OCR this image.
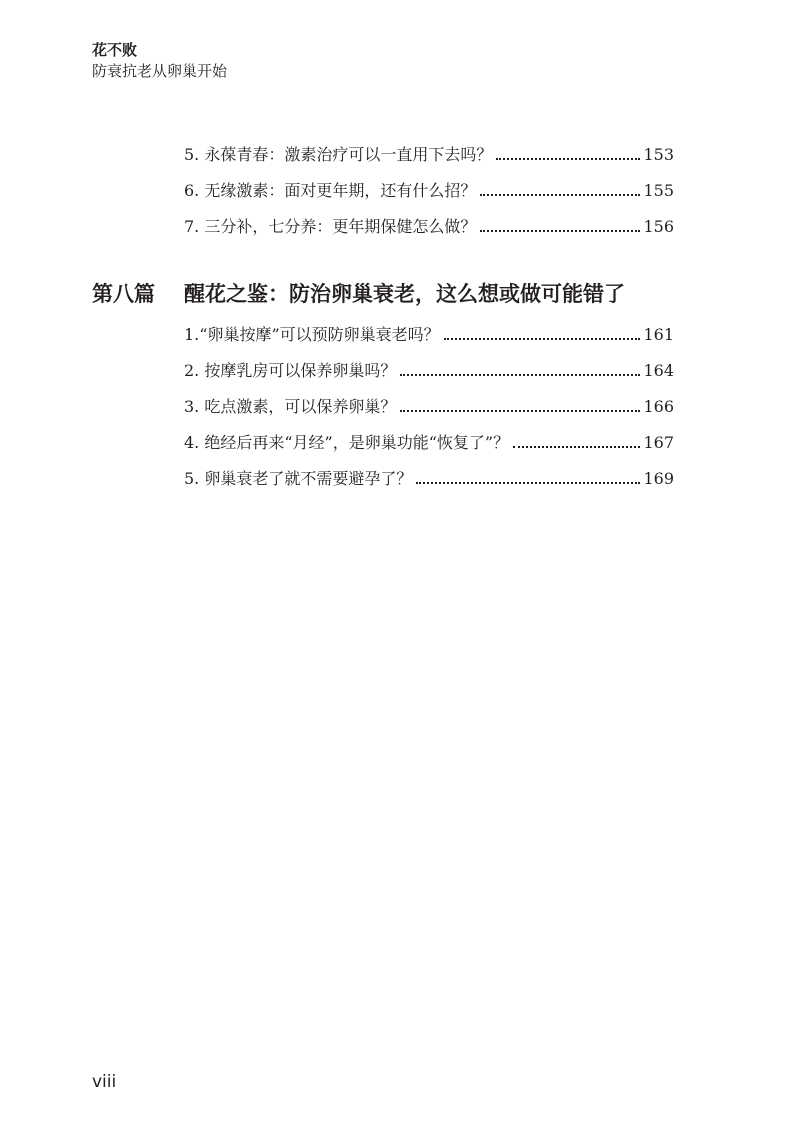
花不败
防衰抗老从卵巢开始
5. 永葆青春：激素治疗可以一直用下去吗？	153
6. 无缘激素：面对更年期，还有什么招？	155
7. 三分补，七分养：更年期保健怎么做？	156
第八篇 醒花之鉴：防治卵巢衰老，这么想或做可能错了
1.“卵巢按摩”可以预防卵巢衰老吗？	161
2. 按摩乳房可以保养卵巢吗？	164
3. 吃点激素，可以保养卵巢？	166
4. 绝经后再来“月经”，是卵巢功能“恢复了”？	167
5. 卵巢衰老了就不需要避孕了？	169
viii
